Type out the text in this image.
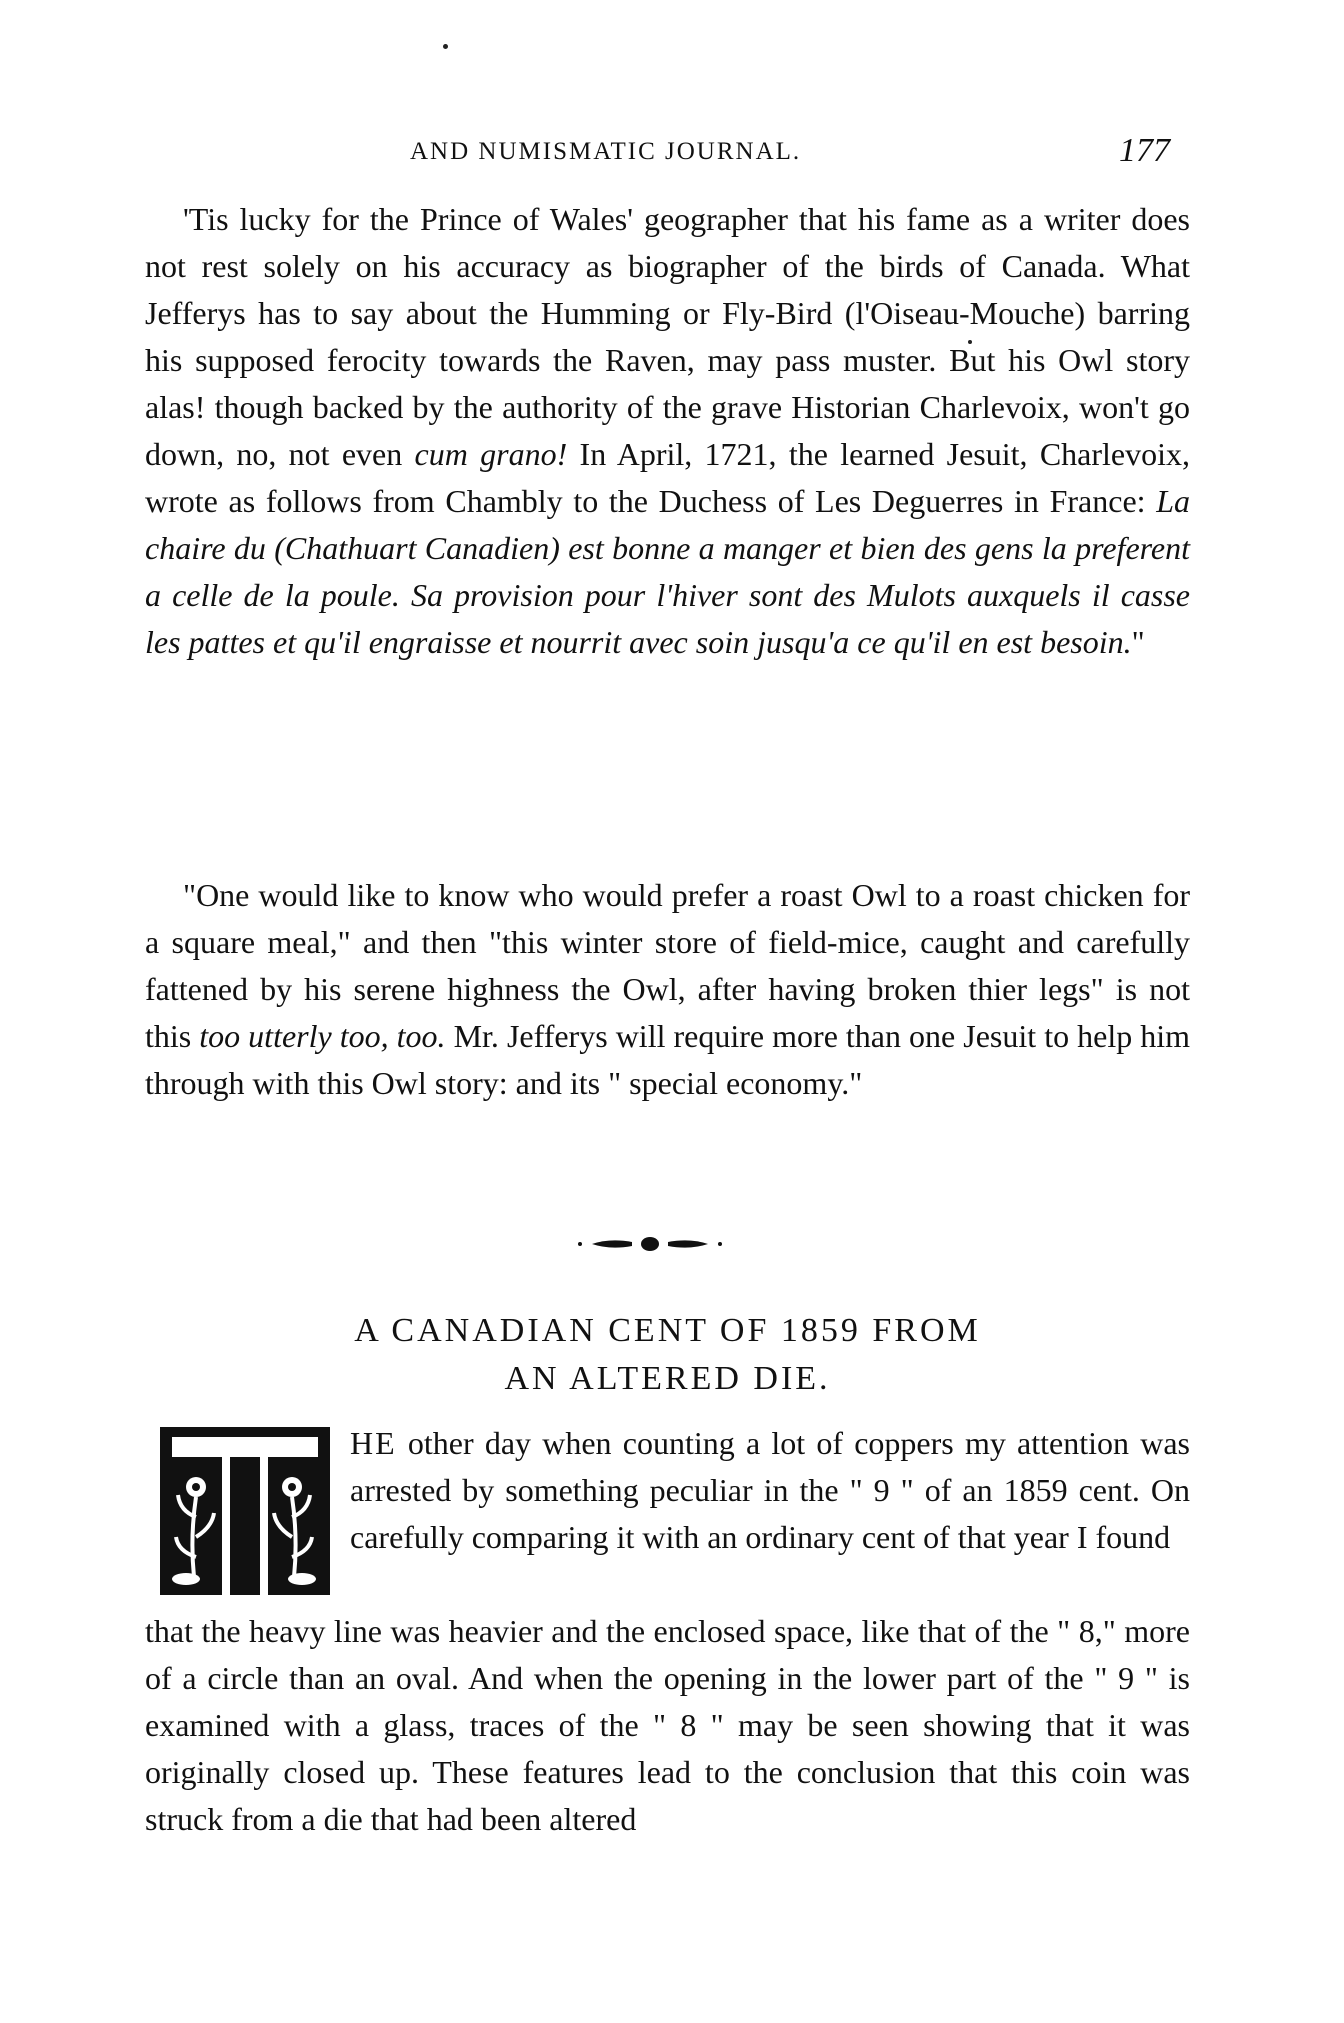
AND NUMISMATIC JOURNAL.	177

'Tis lucky for the Prince of Wales' geographer that his fame as a writer does not rest solely on his accuracy as biographer of the birds of Canada. What Jefferys has to say about the Humming or Fly-Bird (l'Oiseau-Mouche) barring his supposed ferocity towards the Raven, may pass muster. But his Owl story alas! though backed by the authority of the grave Historian Charlevoix, won't go down, no, not even cum grano! In April, 1721, the learned Jesuit, Charlevoix, wrote as follows from Chambly to the Duchess of Les Deguerres in France: La chaire du (Chathuart Canadien) est bonne a manger et bien des gens la preferent a celle de la poule. Sa provision pour l'hiver sont des Mulots auxquels il casse les pattes et qu'il engraisse et nourrit avec soin jusqu'a ce qu'il en est besoin."

"One would like to know who would prefer a roast Owl to a roast chicken for a square meal," and then "this winter store of field-mice, caught and carefully fattened by his serene highness the Owl, after having broken thier legs" is not this too utterly too, too. Mr. Jefferys will require more than one Jesuit to help him through with this Owl story: and its " special economy."

A CANADIAN CENT OF 1859 FROM
AN ALTERED DIE.

HE other day when counting a lot of coppers my attention was arrested by something peculiar in the " 9 " of an 1859 cent. On carefully comparing it with an ordinary cent of that year I found

that the heavy line was heavier and the enclosed space, like that of the " 8," more of a circle than an oval. And when the opening in the lower part of the " 9 " is examined with a glass, traces of the " 8 " may be seen showing that it was originally closed up. These features lead to the conclusion that this coin was struck from a die that had been altered
